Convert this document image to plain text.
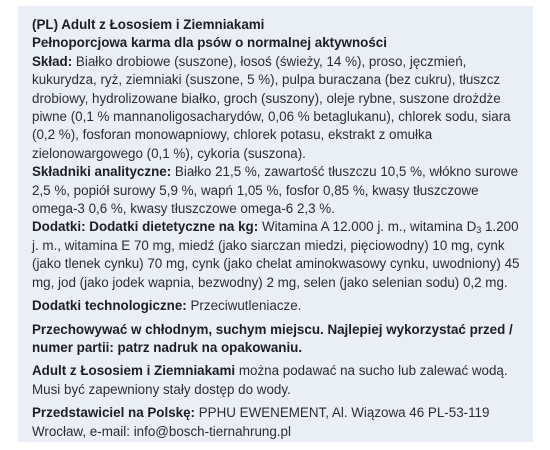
(PL) Adult z Łososiem i Ziemniakami

Pełnoporcjowa karma dla psów o normalnej aktywności

Skład: Białko drobiowe (suszone), łosoś (świeży, 14 %), proso, jęczmień, kukurydza, ryż, ziemniaki (suszone, 5 %), pulpa buraczana (bez cukru), tłuszcz drobiowy, hydrolizowane białko, groch (suszony), oleje rybne, suszone drożdże piwne (0,1 % mannanoligosacharydów, 0,06 % betaglukanu), chlorek sodu, siara (0,2 %), fosforan monowapniowy, chlorek potasu, ekstrakt z omułka zielonowargowego (0,1 %), cykoria (suszona).

Składniki analityczne: Białko 21,5 %, zawartość tłuszczu 10,5 %, włókno surowe 2,5 %, popiół surowy 5,9 %, wapń 1,05 %, fosfor 0,85 %, kwasy tłuszczowe omega-3 0,6 %, kwasy tłuszczowe omega-6 2,3 %.

Dodatki: Dodatki dietetyczne na kg: Witamina A 12.000 j. m., witamina $D_3$ 1.200 j. m., witamina E 70 mg, miedź (jako siarczan miedzi, pięciowodny) 10 mg, cynk (jako tlenek cynku) 70 mg, cynk (jako chelat aminokwasowy cynku, uwodniony) 45 mg, jod (jako jodek wapnia, bezwodny) 2 mg, selen (jako selenian sodu) 0,2 mg.

Dodatki technologiczne: Przeciwutleniacze.

Przechowywać w chłodnym, suchym miejscu. Najlepiej wykorzystać przed / numer partii: patrz nadruk na opakowaniu.

Adult z Łososiem i Ziemniakami można podawać na sucho lub zalewać wodą. Musi być zapewniony stały dostęp do wody.

Przedstawiciel na Polskę: PPHU EWENEMENT, Al. Wiązowa 46 PL-53-119 Wrocław, e-mail: info@bosch-tiernahrung.pl
